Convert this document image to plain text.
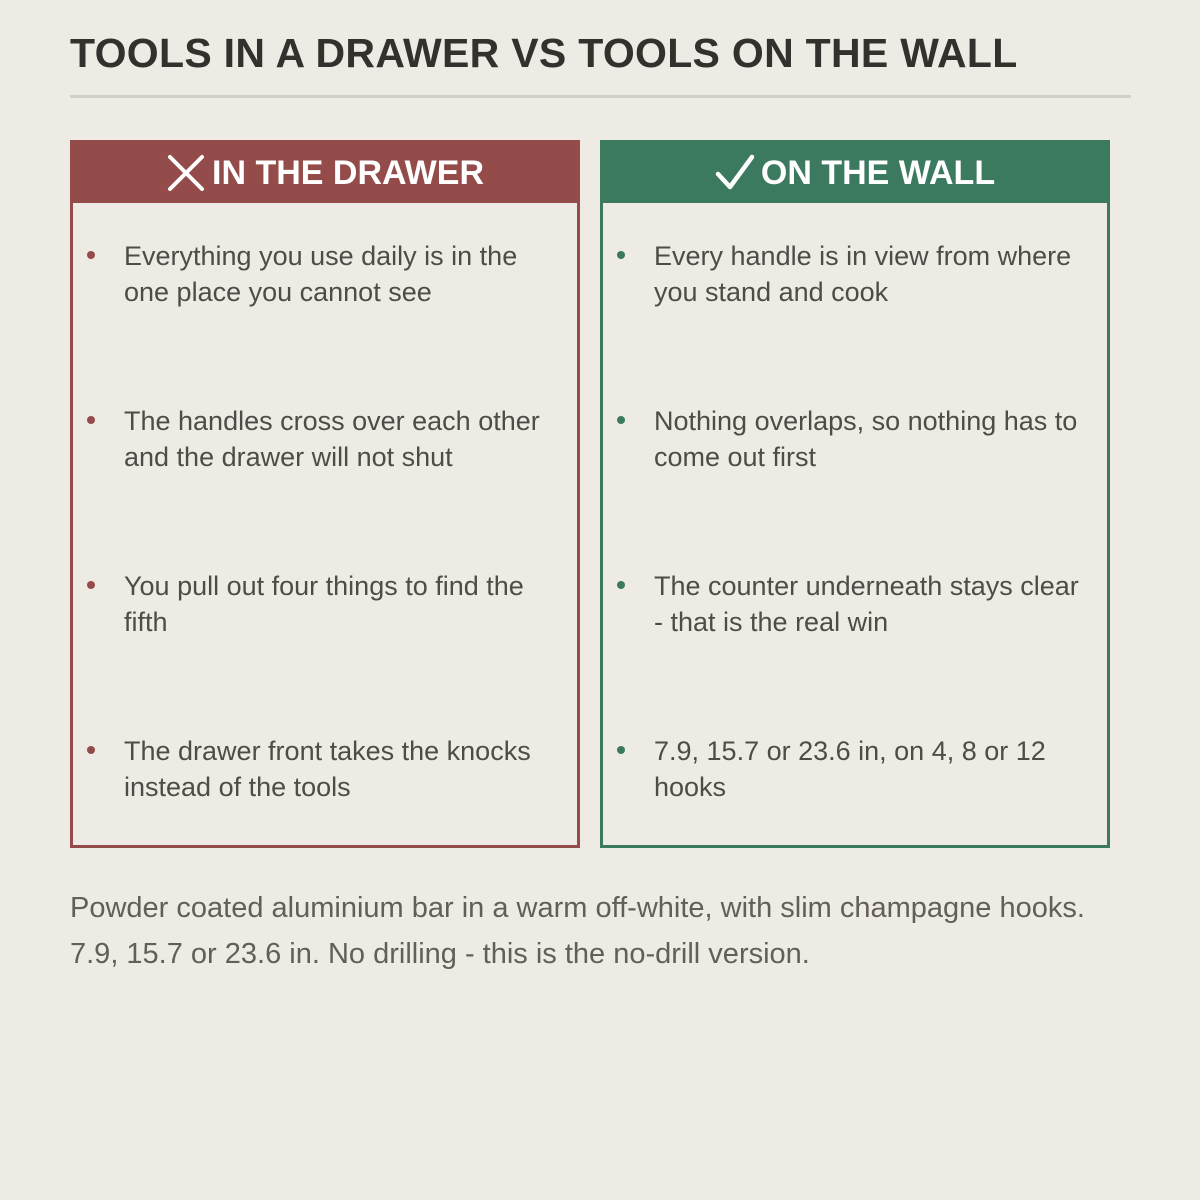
TOOLS IN A DRAWER VS TOOLS ON THE WALL
IN THE DRAWER
Everything you use daily is in the one place you cannot see
The handles cross over each other and the drawer will not shut
You pull out four things to find the fifth
The drawer front takes the knocks instead of the tools
ON THE WALL
Every handle is in view from where you stand and cook
Nothing overlaps, so nothing has to come out first
The counter underneath stays clear - that is the real win
7.9, 15.7 or 23.6 in, on 4, 8 or 12 hooks

Powder coated aluminium bar in a warm off-white, with slim champagne hooks.
7.9, 15.7 or 23.6 in. No drilling - this is the no-drill version.
